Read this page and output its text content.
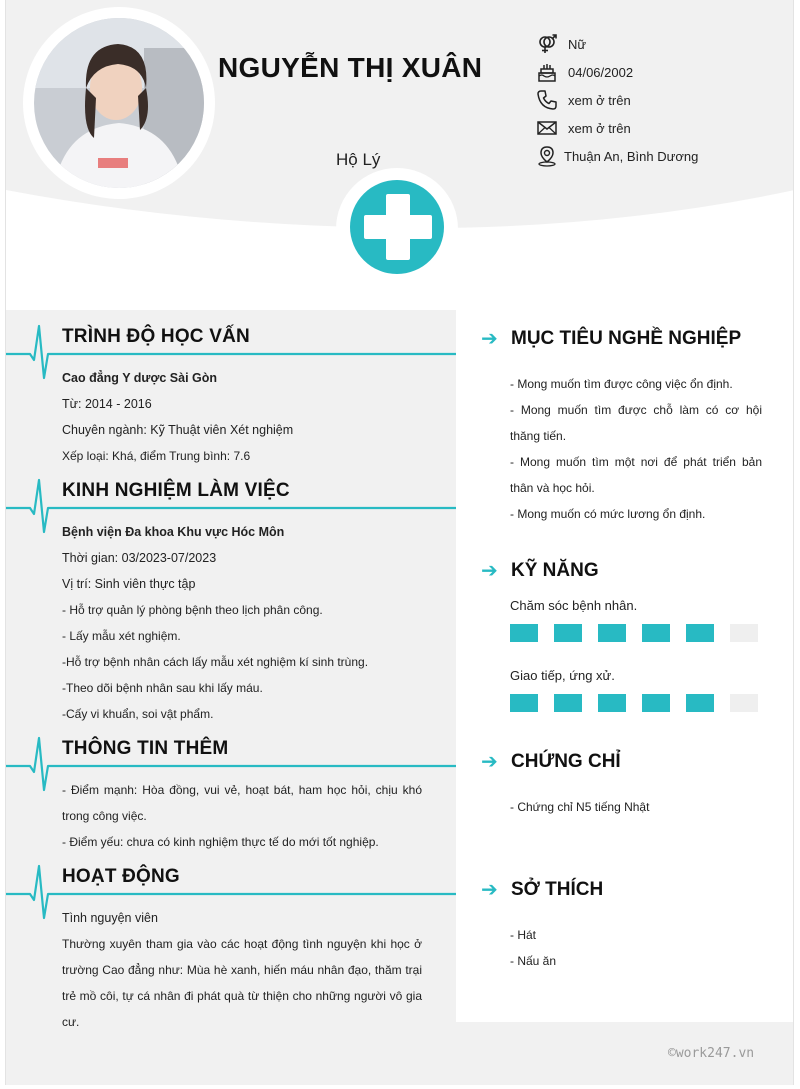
NGUYỄN THỊ XUÂN
Hộ Lý
Nữ
04/06/2002
xem ở trên
xem ở trên
Thuận An, Bình Dương
TRÌNH ĐỘ HỌC VẤN
Cao đẳng Y dược Sài Gòn
Từ: 2014 - 2016
Chuyên ngành: Kỹ Thuật viên Xét nghiệm
Xếp loại: Khá, điểm Trung bình: 7.6
KINH NGHIỆM LÀM VIỆC
Bệnh viện Đa khoa Khu vực Hóc Môn
Thời gian: 03/2023-07/2023
Vị trí: Sinh viên thực tập
- Hỗ trợ quản lý phòng bệnh theo lịch phân công.
- Lấy mẫu xét nghiệm.
-Hỗ trợ bệnh nhân cách lấy mẫu xét nghiệm kí sinh trùng.
-Theo dõi bệnh nhân sau khi lấy máu.
-Cấy vi khuẩn, soi vật phẩm.
THÔNG TIN THÊM
- Điểm mạnh: Hòa đồng, vui vẻ, hoạt bát, ham học hỏi, chịu khó trong công việc.
- Điểm yếu: chưa có kinh nghiệm thực tế do mới tốt nghiệp.
HOẠT ĐỘNG
Tình nguyện viên
Thường xuyên tham gia vào các hoạt động tình nguyện khi học ở trường Cao đẳng như: Mùa hè xanh, hiến máu nhân đạo, thăm trại trẻ mồ côi, tự cá nhân đi phát quà từ thiện cho những người vô gia cư.
➔ MỤC TIÊU NGHỀ NGHIỆP
- Mong muốn tìm được công việc ổn định.
- Mong muốn tìm được chỗ làm có cơ hội thăng tiến.
- Mong muốn tìm một nơi để phát triển bản thân và học hỏi.
- Mong muốn có mức lương ổn định.
➔ KỸ NĂNG
Chăm sóc bệnh nhân.
Giao tiếp, ứng xử.
➔ CHỨNG CHỈ
- Chứng chỉ N5 tiếng Nhật
➔ SỞ THÍCH
- Hát
- Nấu ăn
©work247.vn
